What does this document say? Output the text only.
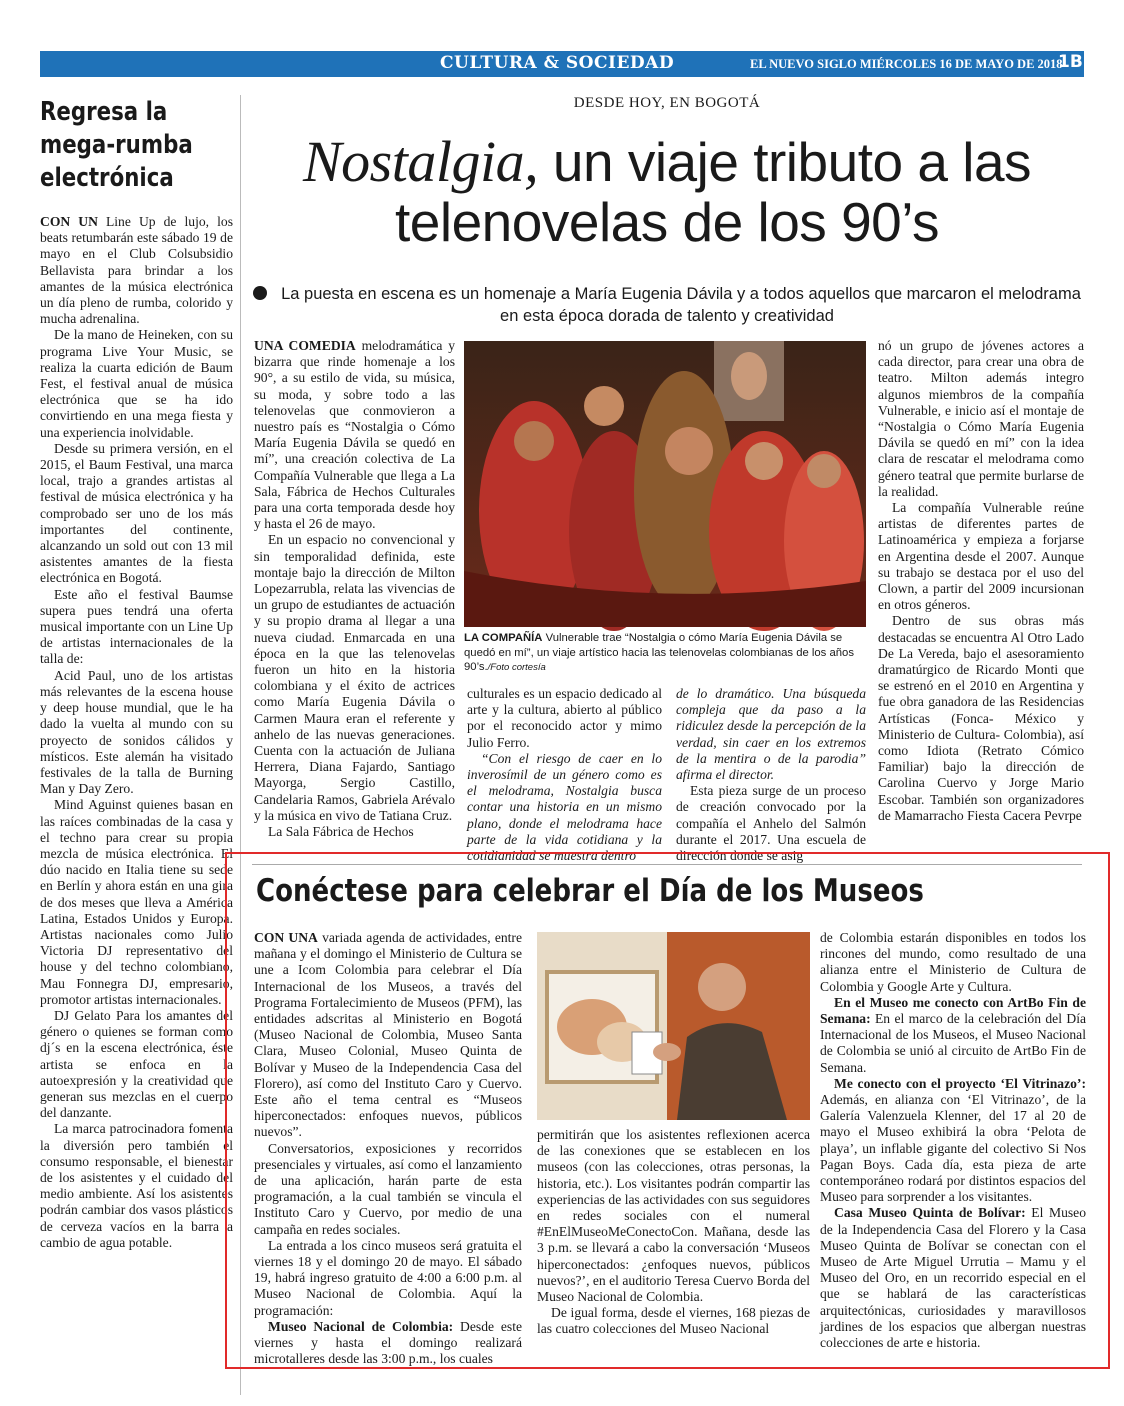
CULTURA & SOCIEDAD	EL NUEVO SIGLO MIÉRCOLES 16 DE MAYO DE 2018
1B
Regresa la mega-rumba electrónica

CON UN Line Up de lujo, los beats retumbarán este sábado 19 de mayo en el Club Colsubsidio Bellavista para brindar a los amantes de la música electrónica un día pleno de rumba, colorido y mucha adrenalina.

De la mano de Heineken, con su programa Live Your Music, se realiza la cuarta edición de Baum Fest, el festival anual de música electrónica que se ha ido convirtiendo en una mega fiesta y una experiencia inolvidable.

Desde su primera versión, en el 2015, el Baum Festival, una marca local, trajo a grandes artistas al festival de música electrónica y ha comprobado ser uno de los más importantes del continente, alcanzando un sold out con 13 mil asistentes amantes de la fiesta electrónica en Bogotá.

Este año el festival Baumse supera pues tendrá una oferta musical importante con un Line Up de artistas internacionales de la talla de:

Acid Paul, uno de los artistas más relevantes de la escena house y deep house mundial, que le ha dado la vuelta al mundo con su proyecto de sonidos cálidos y místicos. Este alemán ha visitado festivales de la talla de Burning Man y Day Zero.

Mind Aguinst quienes basan en las raíces combinadas de la casa y el techno para crear su propia mezcla de música electrónica. El dúo nacido en Italia tiene su sede en Berlín y ahora están en una gira de dos meses que lleva a América Latina, Estados Unidos y Europa. Artistas nacionales como Julio Victoria DJ representativo del house y del techno colombiano, Mau Fonnegra DJ, empresario, promotor artistas internacionales.

DJ Gelato Para los amantes del género o quienes se forman como dj´s en la escena electrónica, éste artista se enfoca en la autoexpresión y la creatividad que generan sus mezclas en el cuerpo del danzante.

La marca patrocinadora fomenta la diversión pero también el consumo responsable, el bienestar de los asistentes y el cuidado del medio ambiente. Así los asistentes podrán cambiar dos vasos plásticos de cerveza vacíos en la barra a cambio de agua potable.

DESDE HOY, EN BOGOTÁ
Nostalgia, un viaje tributo a las telenovelas de los 90’s
La puesta en escena es un homenaje a María Eugenia Dávila y a todos aquellos que marcaron el melodrama en esta época dorada de talento y creatividad

UNA COMEDIA melodramática y bizarra que rinde homenaje a los 90°, a su estilo de vida, su música, su moda, y sobre todo a las telenovelas que conmovieron a nuestro país es “Nostalgia o Cómo María Eugenia Dávila se quedó en mí”, una creación colectiva de La Compañía Vulnerable que llega a La Sala, Fábrica de Hechos Culturales para una corta temporada desde hoy y hasta el 26 de mayo.

En un espacio no convencional y sin temporalidad definida, este montaje bajo la dirección de Milton Lopezarrubla, relata las vivencias de un grupo de estudiantes de actuación y su propio drama al llegar a una nueva ciudad. Enmarcada en una época en la que las telenovelas fueron un hito en la historia colombiana y el éxito de actrices como María Eugenia Dávila o Carmen Maura eran el referente y anhelo de las nuevas generaciones. Cuenta con la actuación de Juliana Herrera, Diana Fajardo, Santiago Mayorga, Sergio Castillo, Candelaria Ramos, Gabriela Arévalo y la música en vivo de Tatiana Cruz.

La Sala Fábrica de Hechos

LA COMPAÑÍA Vulnerable trae “Nostalgia o cómo María Eugenia Dávila se quedó en mí”, un viaje artístico hacia las telenovelas colombianas de los años 90’s./Foto cortesía

culturales es un espacio dedicado al arte y la cultura, abierto al público por el reconocido actor y mimo Julio Ferro.

“Con el riesgo de caer en lo inverosímil de un género como es el melodrama, Nostalgia busca contar una historia en un mismo plano, donde el melodrama hace parte de la vida cotidiana y la cotidianidad se muestra dentro

de lo dramático. Una búsqueda compleja que da paso a la ridiculez desde la percepción de la verdad, sin caer en los extremos de la mentira o de la parodia” afirma el director.

Esta pieza surge de un proceso de creación convocado por la compañía el Anhelo del Salmón durante el 2017. Una escuela de dirección donde se asig

nó un grupo de jóvenes actores a cada director, para crear una obra de teatro. Milton además integro algunos miembros de la compañía Vulnerable, e inicio así el montaje de “Nostalgia o Cómo María Eugenia Dávila se quedó en mí” con la idea clara de rescatar el melodrama como género teatral que permite burlarse de la realidad.

La compañía Vulnerable reúne artistas de diferentes partes de Latinoamérica y empieza a forjarse en Argentina desde el 2007. Aunque su trabajo se destaca por el uso del Clown, a partir del 2009 incursionan en otros géneros.

Dentro de sus obras más destacadas se encuentra Al Otro Lado De La Vereda, bajo el asesoramiento dramatúrgico de Ricardo Monti que se estrenó en el 2010 en Argentina y fue obra ganadora de las Residencias Artísticas (Fonca- México y Ministerio de Cultura- Colombia), así como Idiota (Retrato Cómico Familiar) bajo la dirección de Carolina Cuervo y Jorge Mario Escobar. También son organizadores de Mamarracho Fiesta Cacera Pevrpe

Conéctese para celebrar el Día de los Museos

CON UNA variada agenda de actividades, entre mañana y el domingo el Ministerio de Cultura se une a Icom Colombia para celebrar el Día Internacional de los Museos, a través del Programa Fortalecimiento de Museos (PFM), las entidades adscritas al Ministerio en Bogotá (Museo Nacional de Colombia, Museo Santa Clara, Museo Colonial, Museo Quinta de Bolívar y Museo de la Independencia Casa del Florero), así como del Instituto Caro y Cuervo. Este año el tema central es “Museos hiperconectados: enfoques nuevos, públicos nuevos”.

Conversatorios, exposiciones y recorridos presenciales y virtuales, así como el lanzamiento de una aplicación, harán parte de esta programación, a la cual también se vincula el Instituto Caro y Cuervo, por medio de una campaña en redes sociales.

La entrada a los cinco museos será gratuita el viernes 18 y el domingo 20 de mayo. El sábado 19, habrá ingreso gratuito de 4:00 a 6:00 p.m. al Museo Nacional de Colombia. Aquí la programación:

Museo Nacional de Colombia: Desde este viernes y hasta el domingo realizará microtalleres desde las 3:00 p.m., los cuales

permitirán que los asistentes reflexionen acerca de las conexiones que se establecen en los museos (con las colecciones, otras personas, la historia, etc.). Los visitantes podrán compartir las experiencias de las actividades con sus seguidores en redes sociales con el numeral #EnElMuseoMeConectoCon. Mañana, desde las 3 p.m. se llevará a cabo la conversación ‘Museos hiperconectados: ¿enfoques nuevos, públicos nuevos?’, en el auditorio Teresa Cuervo Borda del Museo Nacional de Colombia.

De igual forma, desde el viernes, 168 piezas de las cuatro colecciones del Museo Nacional

de Colombia estarán disponibles en todos los rincones del mundo, como resultado de una alianza entre el Ministerio de Cultura de Colombia y Google Arte y Cultura.

En el Museo me conecto con ArtBo Fin de Semana: En el marco de la celebración del Día Internacional de los Museos, el Museo Nacional de Colombia se unió al circuito de ArtBo Fin de Semana.

Me conecto con el proyecto ‘El Vitrinazo’: Además, en alianza con ‘El Vitrinazo’, de la Galería Valenzuela Klenner, del 17 al 20 de mayo el Museo exhibirá la obra ‘Pelota de playa’, un inflable gigante del colectivo Si Nos Pagan Boys. Cada día, esta pieza de arte contemporáneo rodará por distintos espacios del Museo para sorprender a los visitantes.

Casa Museo Quinta de Bolívar: El Museo de la Independencia Casa del Florero y la Casa Museo Quinta de Bolívar se conectan con el Museo de Arte Miguel Urrutia – Mamu y el Museo del Oro, en un recorrido especial en el que se hablará de las características arquitectónicas, curiosidades y maravillosos jardines de los espacios que albergan nuestras colecciones de arte e historia.
